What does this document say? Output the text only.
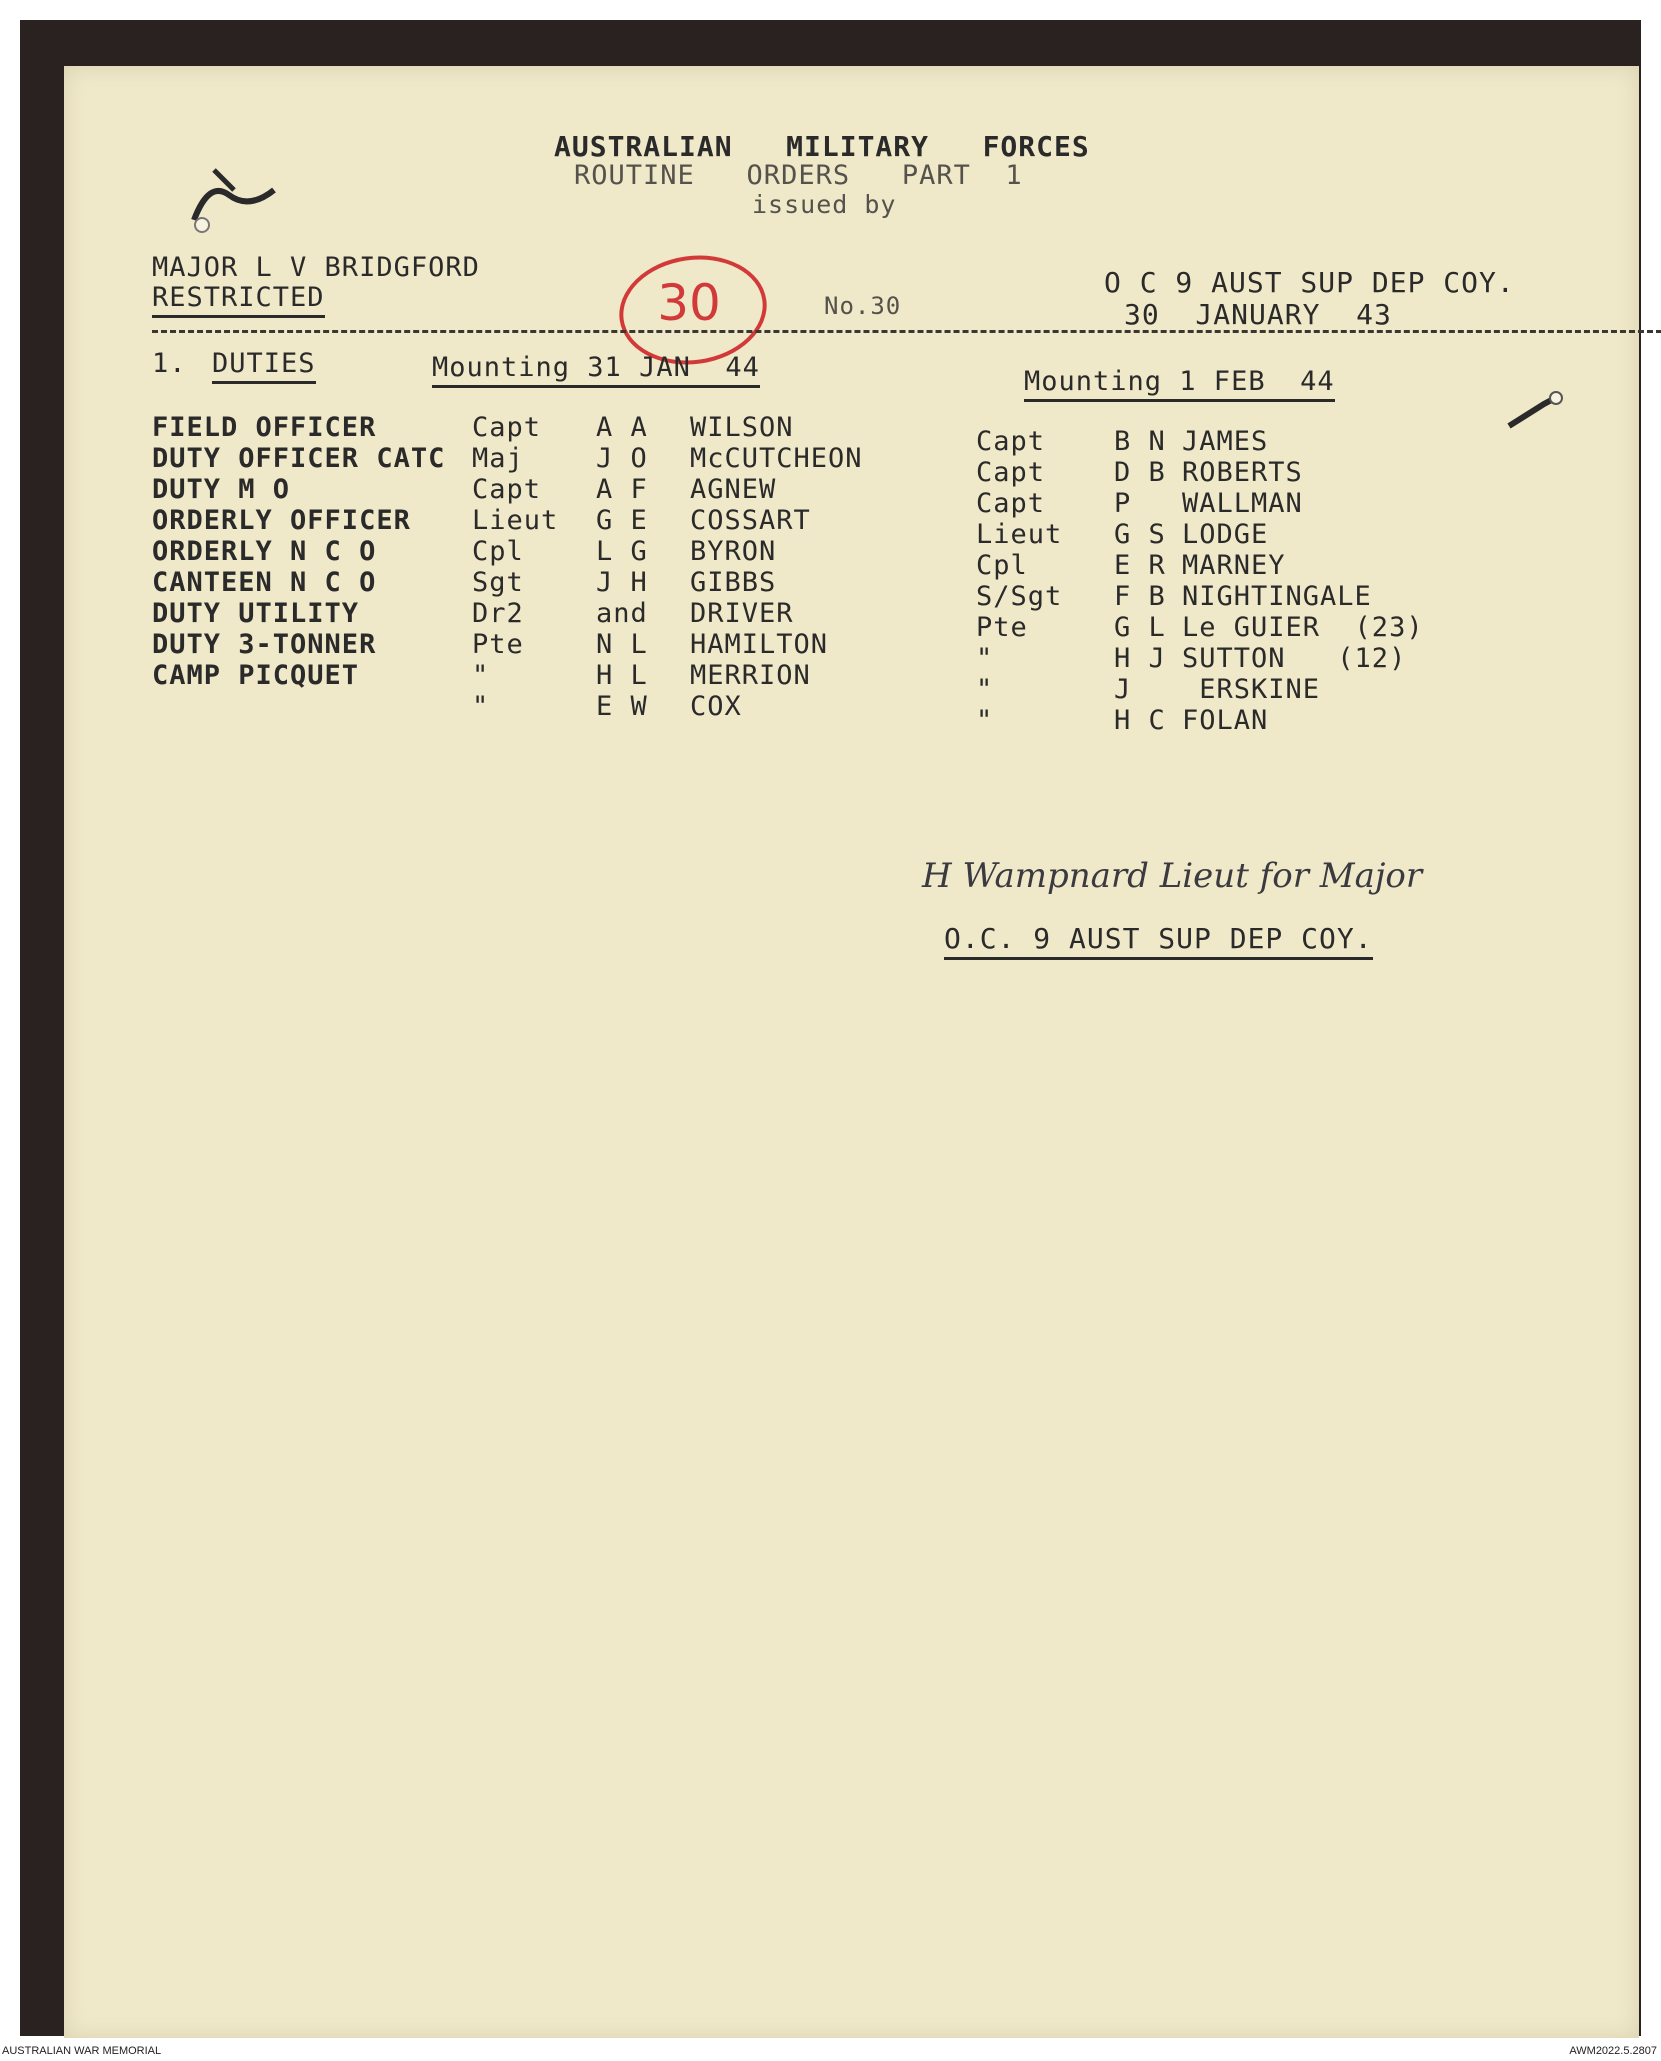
AUSTRALIAN   MILITARY   FORCES
ROUTINE   ORDERS   PART  1
issued by
30
MAJOR L V BRIDGFORD
RESTRICTED	No.30
O C 9 AUST SUP DEP COY.
30  JANUARY  43
1. DUTIES	Mounting 31 JAN  44	Mounting 1 FEB  44
H Wampnard Lieut for Major
O.C. 9 AUST SUP DEP COY.
FIELD OFFICER	Capt A A WILSON	Capt	B N JAMES
DUTY OFFICER CATC Maj	J O McCUTCHEON	Capt	D B ROBERTS
DUTY M O	Capt A F AGNEW	Capt	P WALLMAN
ORDERLY OFFICER Lieut G E COSSART	Lieut G S LODGE
ORDERLY N C O	Cpl	L G BYRON	Cpl	E R MARNEY
CANTEEN N C O	Sgt	J H GIBBS	S/Sgt F B NIGHTINGALE
DUTY UTILITY	Dr2	and DRIVER	Pte	G L Le GUIER  (23)
DUTY 3-TONNER	Pte	N L HAMILTON	"	H J SUTTON   (12)
CAMP PICQUET	"	H L MERRION	"	J ERSKINE
"	E W COX	"	H C FOLAN
AUSTRALIAN WAR MEMORIAL	AWM2022.5.2807
